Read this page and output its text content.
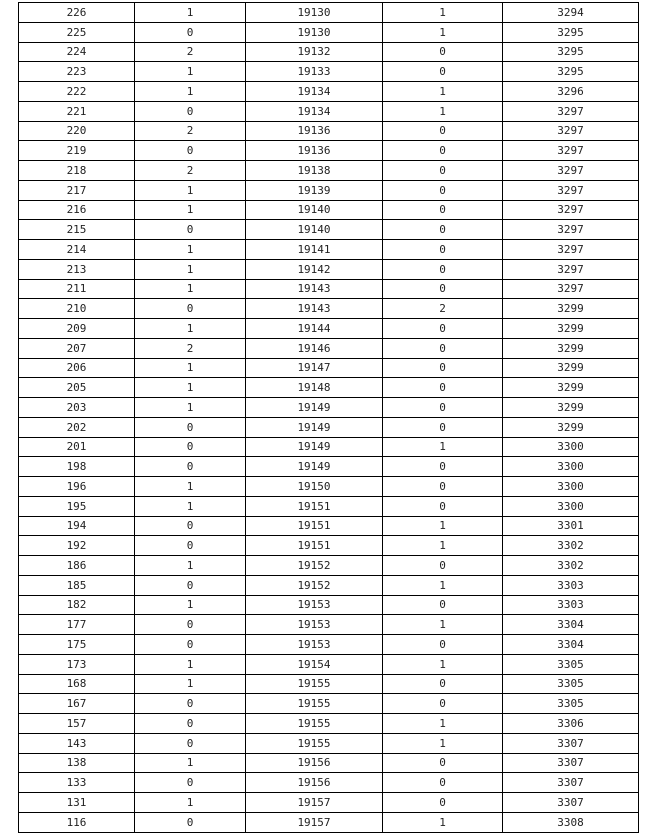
226	1	19130	1	3294
225	0	19130	1	3295
224	2	19132	0	3295
223	1	19133	0	3295
222	1	19134	1	3296
221	0	19134	1	3297
220	2	19136	0	3297
219	0	19136	0	3297
218	2	19138	0	3297
217	1	19139	0	3297
216	1	19140	0	3297
215	0	19140	0	3297
214	1	19141	0	3297
213	1	19142	0	3297
211	1	19143	0	3297
210	0	19143	2	3299
209	1	19144	0	3299
207	2	19146	0	3299
206	1	19147	0	3299
205	1	19148	0	3299
203	1	19149	0	3299
202	0	19149	0	3299
201	0	19149	1	3300
198	0	19149	0	3300
196	1	19150	0	3300
195	1	19151	0	3300
194	0	19151	1	3301
192	0	19151	1	3302
186	1	19152	0	3302
185	0	19152	1	3303
182	1	19153	0	3303
177	0	19153	1	3304
175	0	19153	0	3304
173	1	19154	1	3305
168	1	19155	0	3305
167	0	19155	0	3305
157	0	19155	1	3306
143	0	19155	1	3307
138	1	19156	0	3307
133	0	19156	0	3307
131	1	19157	0	3307
116	0	19157	1	3308
